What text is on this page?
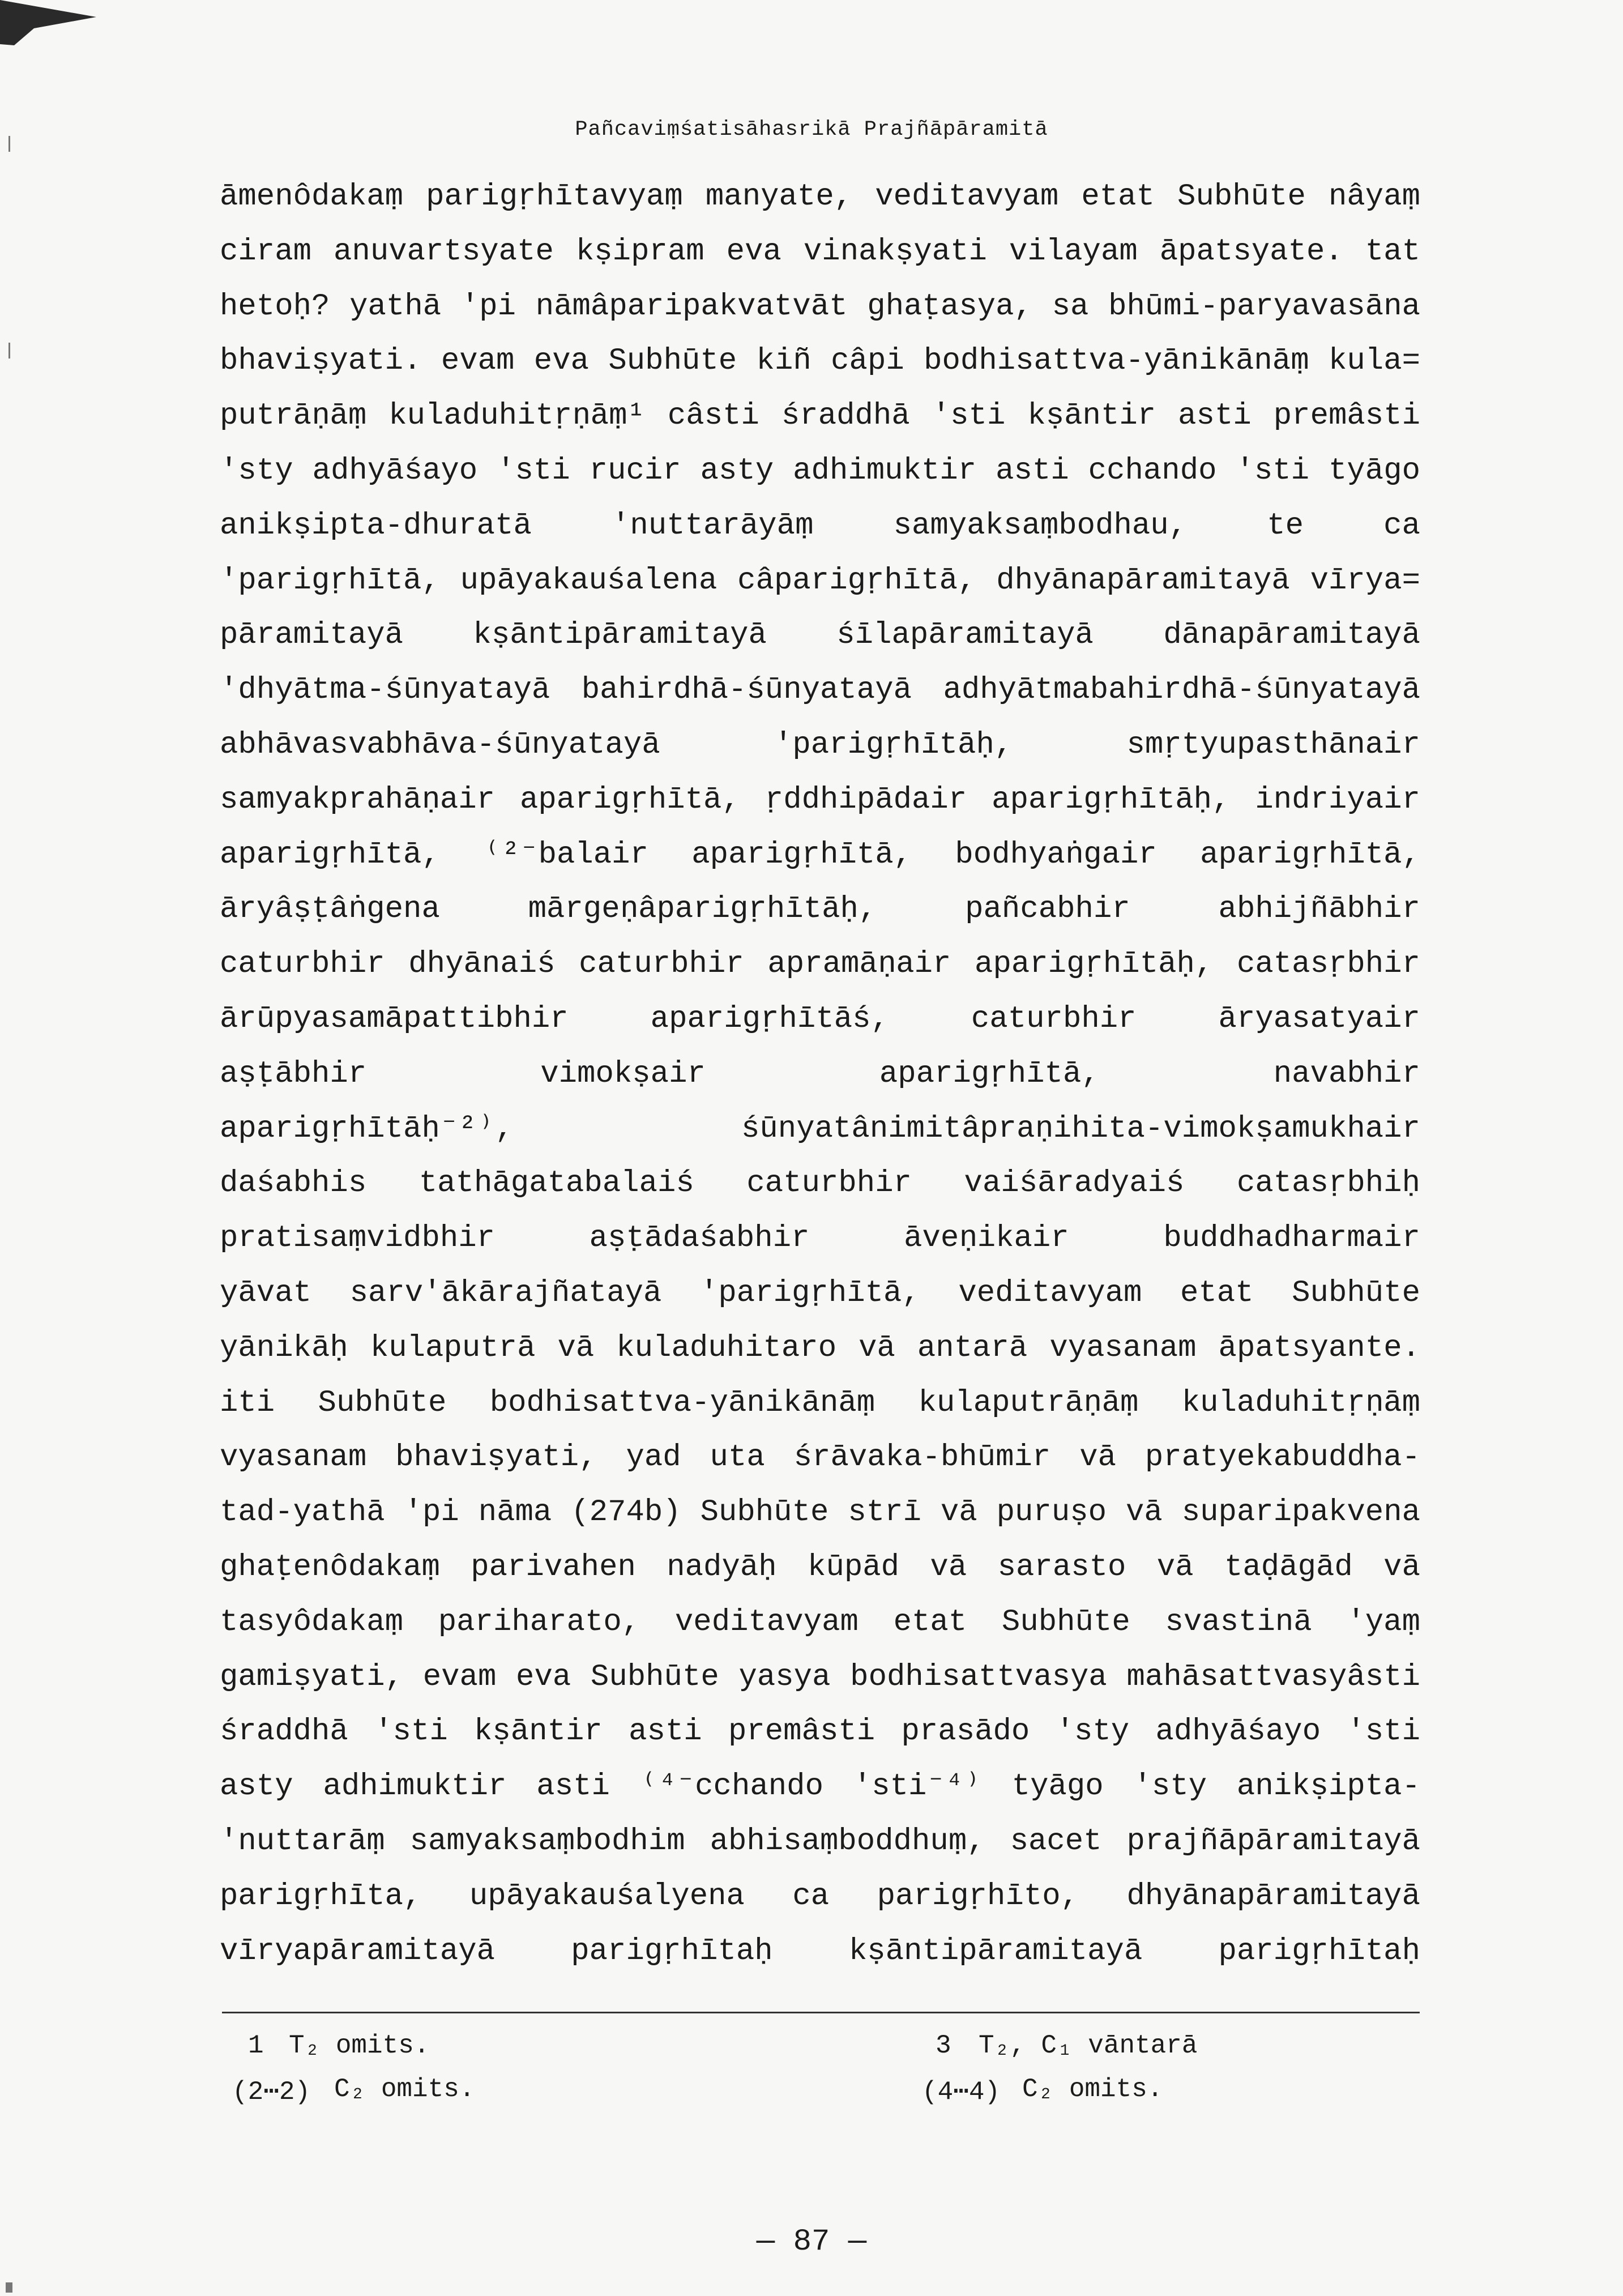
Pañcaviṃśatisāhasrikā Prajñāpāramitā
āmenôdakaṃ parigṛhītavyaṃ manyate, veditavyam etat Subhūte nâyaṃ
ciram anuvartsyate kṣipram eva vinakṣyati vilayam āpatsyate. tat
hetoḥ? yathā 'pi nāmâparipakvatvāt ghaṭasya, sa bhūmi-paryavasāna
bhaviṣyati. evam eva Subhūte kiñ câpi bodhisattva-yānikānāṃ kula=
putrāṇāṃ kuladuhitṛṇāṃ¹ câsti śraddhā 'sti kṣāntir asti premâsti
'sty adhyāśayo 'sti rucir asty adhimuktir asti cchando 'sti tyāgo
anikṣipta-dhuratā 'nuttarāyāṃ samyaksaṃbodhau, te ca
'parigṛhītā, upāyakauśalena câparigṛhītā, dhyānapāramitayā vīrya=
pāramitayā kṣāntipāramitayā śīlapāramitayā dānapāramitayā
'dhyātma-śūnyatayā bahirdhā-śūnyatayā adhyātmabahirdhā-śūnyatayā
abhāvasvabhāva-śūnyatayā 'parigṛhītāḥ, smṛtyupasthānair
samyakprahāṇair aparigṛhītā, ṛddhipādair aparigṛhītāḥ, indriyair
aparigṛhītā, ⁽²⁻balair aparigṛhītā, bodhyaṅgair aparigṛhītā,
āryâṣṭâṅgena mārgeṇâparigṛhītāḥ, pañcabhir abhijñābhir
caturbhir dhyānaiś caturbhir apramāṇair aparigṛhītāḥ, catasṛbhir
ārūpyasamāpattibhir aparigṛhītāś, caturbhir āryasatyair
aṣṭābhir vimokṣair aparigṛhītā, navabhir
aparigṛhītāḥ⁻²⁾, śūnyatânimitâpraṇihita-vimokṣamukhair
daśabhis tathāgatabalaiś caturbhir vaiśāradyaiś catasṛbhiḥ
pratisaṃvidbhir aṣṭādaśabhir āveṇikair buddhadharmair
yāvat sarv'ākārajñatayā 'parigṛhītā, veditavyam etat Subhūte
yānikāḥ kulaputrā vā kuladuhitaro vā antarā vyasanam āpatsyante.
iti Subhūte bodhisattva-yānikānāṃ kulaputrāṇāṃ kuladuhitṛṇāṃ
vyasanam bhaviṣyati, yad uta śrāvaka-bhūmir vā pratyekabuddha-
tad-yathā 'pi nāma (274b) Subhūte strī vā puruṣo vā suparipakvena
ghaṭenôdakaṃ parivahen nadyāḥ kūpād vā sarasto vā taḍāgād vā
tasyôdakaṃ pariharato, veditavyam etat Subhūte svastinā 'yaṃ
gamiṣyati, evam eva Subhūte yasya bodhisattvasya mahāsattvasyâsti
śraddhā 'sti kṣāntir asti premâsti prasādo 'sty adhyāśayo 'sti
asty adhimuktir asti ⁽⁴⁻cchando 'sti⁻⁴⁾ tyāgo 'sty anikṣipta-
'nuttarāṃ samyaksaṃbodhim abhisaṃboddhuṃ, sacet prajñāpāramitayā
parigṛhīta, upāyakauśalyena ca parigṛhīto, dhyānapāramitayā
vīryapāramitayā parigṛhītaḥ kṣāntipāramitayā parigṛhītaḥ
1 T₂ omits.	3 T₂, C₁ vāntarā
(2⋯2) C₂ omits.	(4⋯4) C₂ omits.
— 87 —
